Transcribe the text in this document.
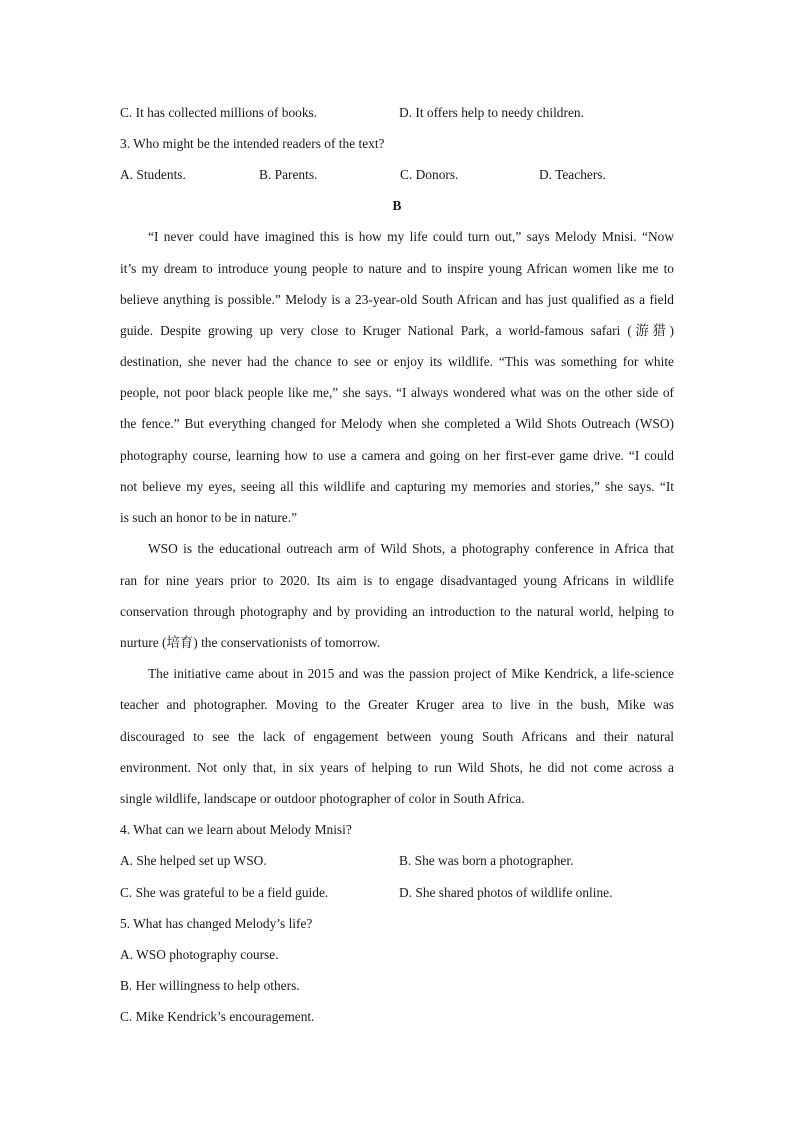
C. It has collected millions of books.	D. It offers help to needy children.
3. Who might be the intended readers of the text?
A. Students.	B. Parents.	C. Donors.	D. Teachers.
B
“I never could have imagined this is how my life could turn out,” says Melody Mnisi. “Now
it’s my dream to introduce young people to nature and to inspire young African women like me to
believe anything is possible.” Melody is a 23-year-old South African and has just qualified as a field
guide. Despite growing up very close to Kruger National Park, a world-famous safari (游猎)
destination, she never had the chance to see or enjoy its wildlife. “This was something for white
people, not poor black people like me,” she says. “I always wondered what was on the other side of
the fence.” But everything changed for Melody when she completed a Wild Shots Outreach (WSO)
photography course, learning how to use a camera and going on her first-ever game drive. “I could
not believe my eyes, seeing all this wildlife and capturing my memories and stories,” she says. “It
is such an honor to be in nature.”
WSO is the educational outreach arm of Wild Shots, a photography conference in Africa that
ran for nine years prior to 2020. Its aim is to engage disadvantaged young Africans in wildlife
conservation through photography and by providing an introduction to the natural world, helping to
nurture (培育) the conservationists of tomorrow.
The initiative came about in 2015 and was the passion project of Mike Kendrick, a life-science
teacher and photographer. Moving to the Greater Kruger area to live in the bush, Mike was
discouraged to see the lack of engagement between young South Africans and their natural
environment. Not only that, in six years of helping to run Wild Shots, he did not come across a
single wildlife, landscape or outdoor photographer of color in South Africa.
4. What can we learn about Melody Mnisi?
A. She helped set up WSO.	B. She was born a photographer.
C. She was grateful to be a field guide.	D. She shared photos of wildlife online.
5. What has changed Melody’s life?
A. WSO photography course.
B. Her willingness to help others.
C. Mike Kendrick’s encouragement.
